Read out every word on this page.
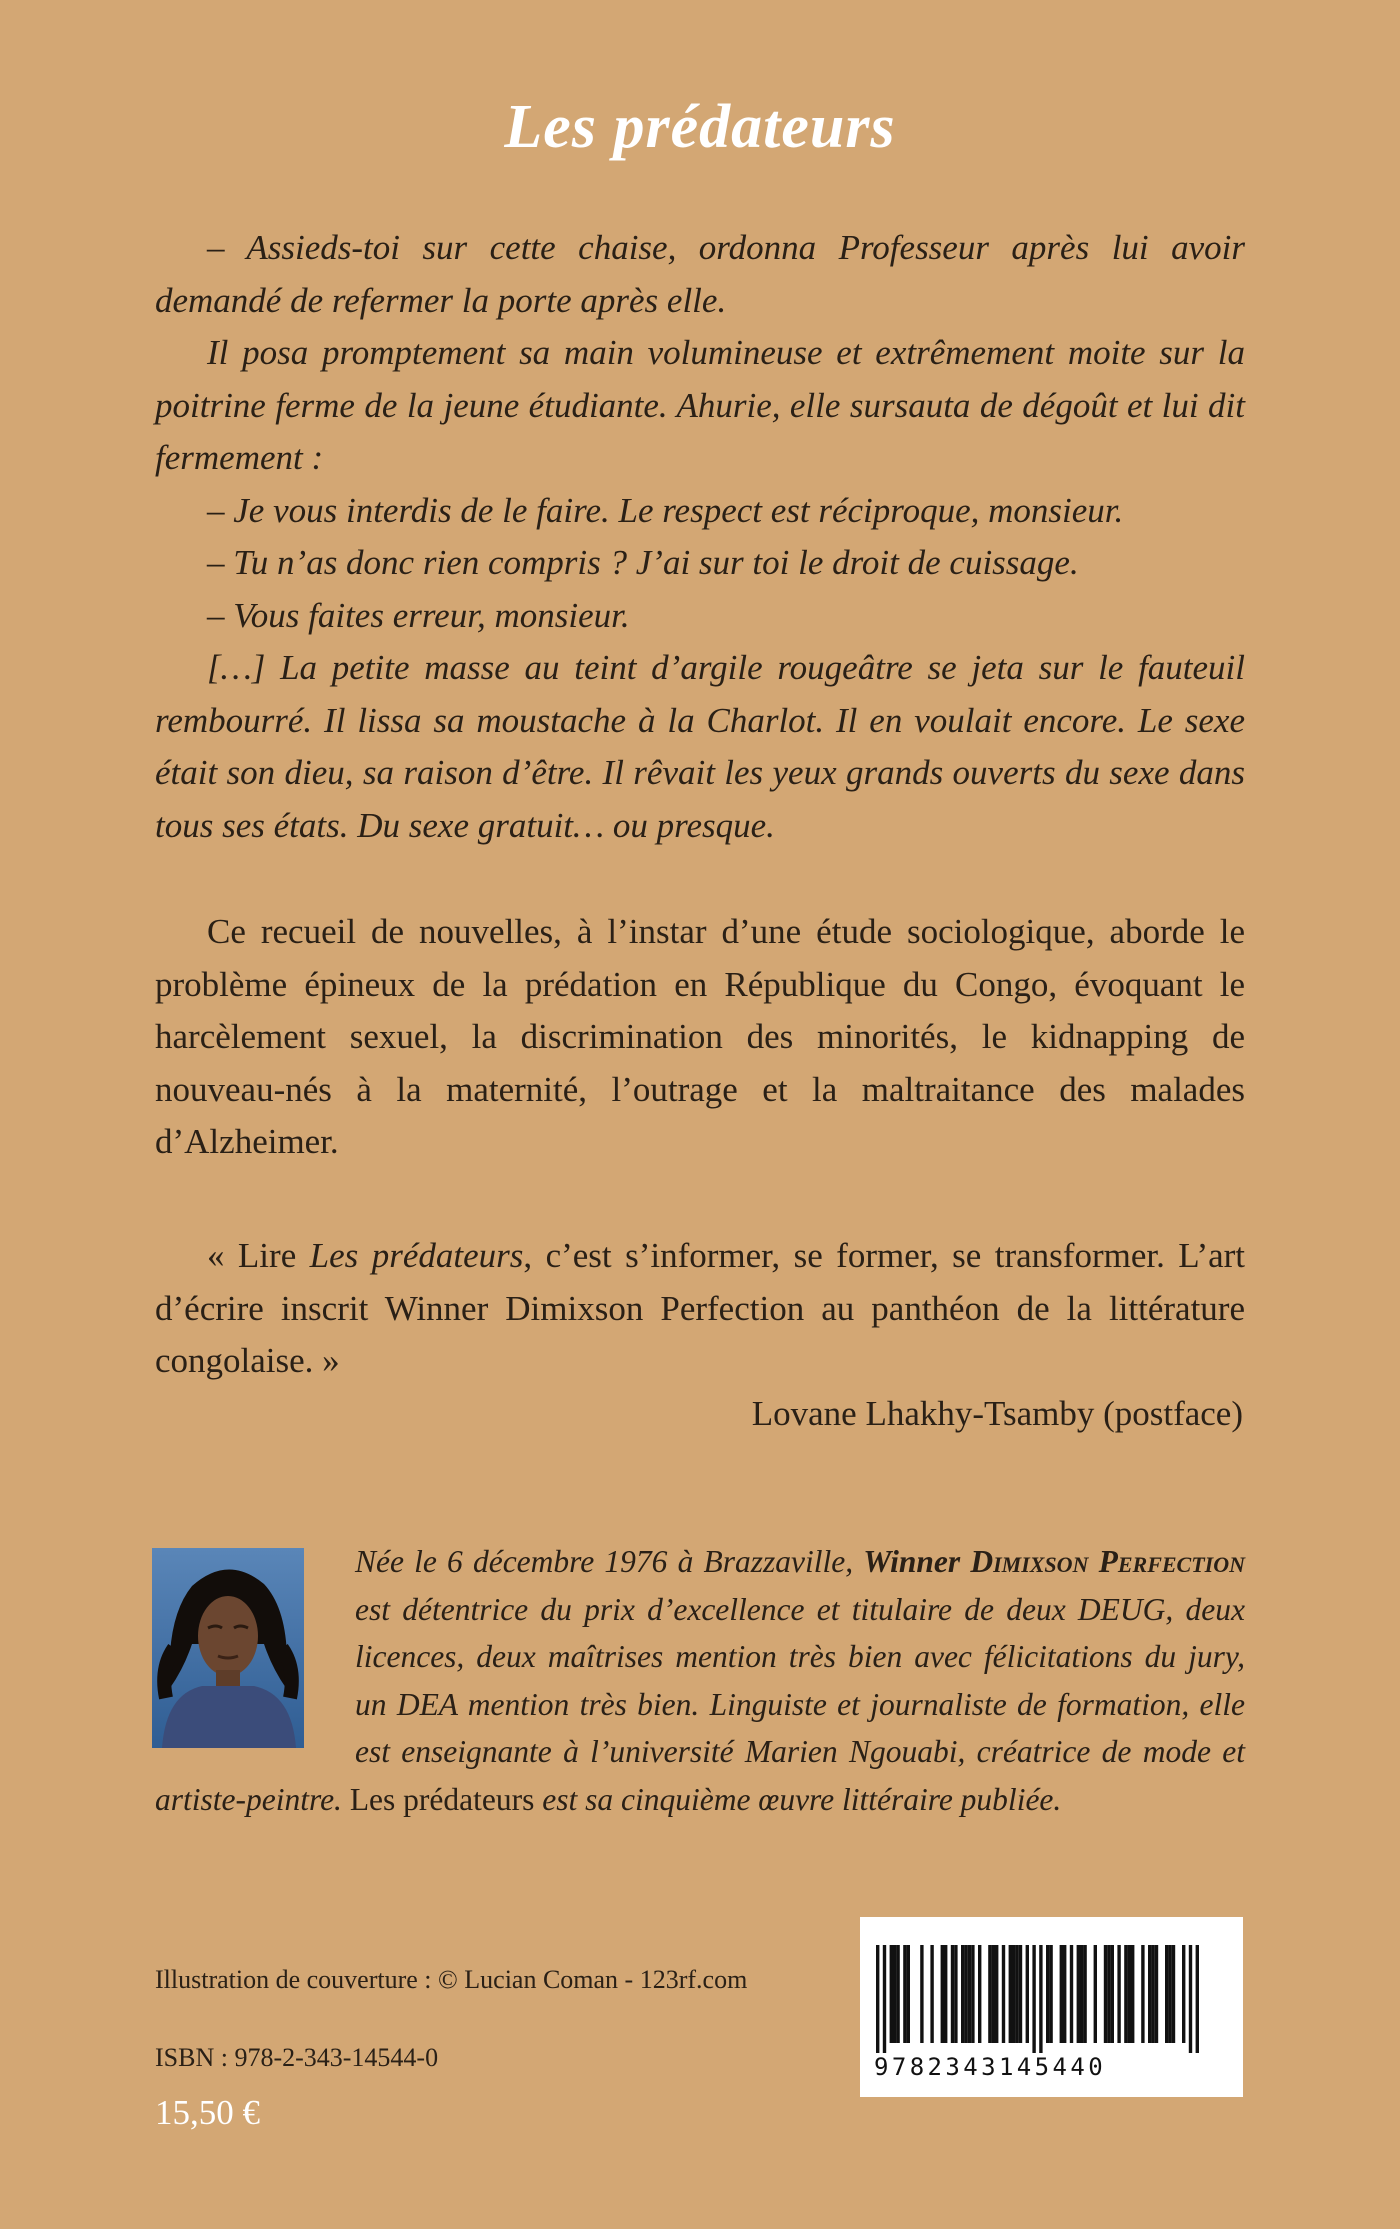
Les prédateurs

– Assieds-toi sur cette chaise, ordonna Professeur après lui avoir demandé de refermer la porte après elle.

Il posa promptement sa main volumineuse et extrêmement moite sur la poitrine ferme de la jeune étudiante. Ahurie, elle sursauta de dégoût et lui dit fermement :

– Je vous interdis de le faire. Le respect est réciproque, monsieur.

– Tu n’as donc rien compris ? J’ai sur toi le droit de cuissage.

– Vous faites erreur, monsieur.

[…] La petite masse au teint d’argile rougeâtre se jeta sur le fauteuil rembourré. Il lissa sa moustache à la Charlot. Il en voulait encore. Le sexe était son dieu, sa raison d’être. Il rêvait les yeux grands ouverts du sexe dans tous ses états. Du sexe gratuit… ou presque.

Ce recueil de nouvelles, à l’instar d’une étude sociologique, aborde le problème épineux de la prédation en République du Congo, évoquant le harcèlement sexuel, la discrimination des minorités, le kidnapping de nouveau-nés à la maternité, l’outrage et la maltraitance des malades d’Alzheimer.

« Lire Les prédateurs, c’est s’informer, se former, se transformer. L’art d’écrire inscrit Winner Dimixson Perfection au panthéon de la littérature congolaise. »

Lovane Lhakhy-Tsamby (postface)

Née le 6 décembre 1976 à Brazzaville, Winner Dimixson Perfection est détentrice du prix d’excellence et titulaire de deux DEUG, deux licences, deux maîtrises mention très bien avec félicitations du jury, un DEA mention très bien. Linguiste et journaliste de formation, elle est enseignante à l’université Marien Ngouabi, créatrice de mode et artiste-peintre. Les prédateurs est sa cinquième œuvre littéraire publiée.

Illustration de couverture : © Lucian Coman - 123rf.com

ISBN : 978-2-343-14544-0

15,50 €

9782343145440
